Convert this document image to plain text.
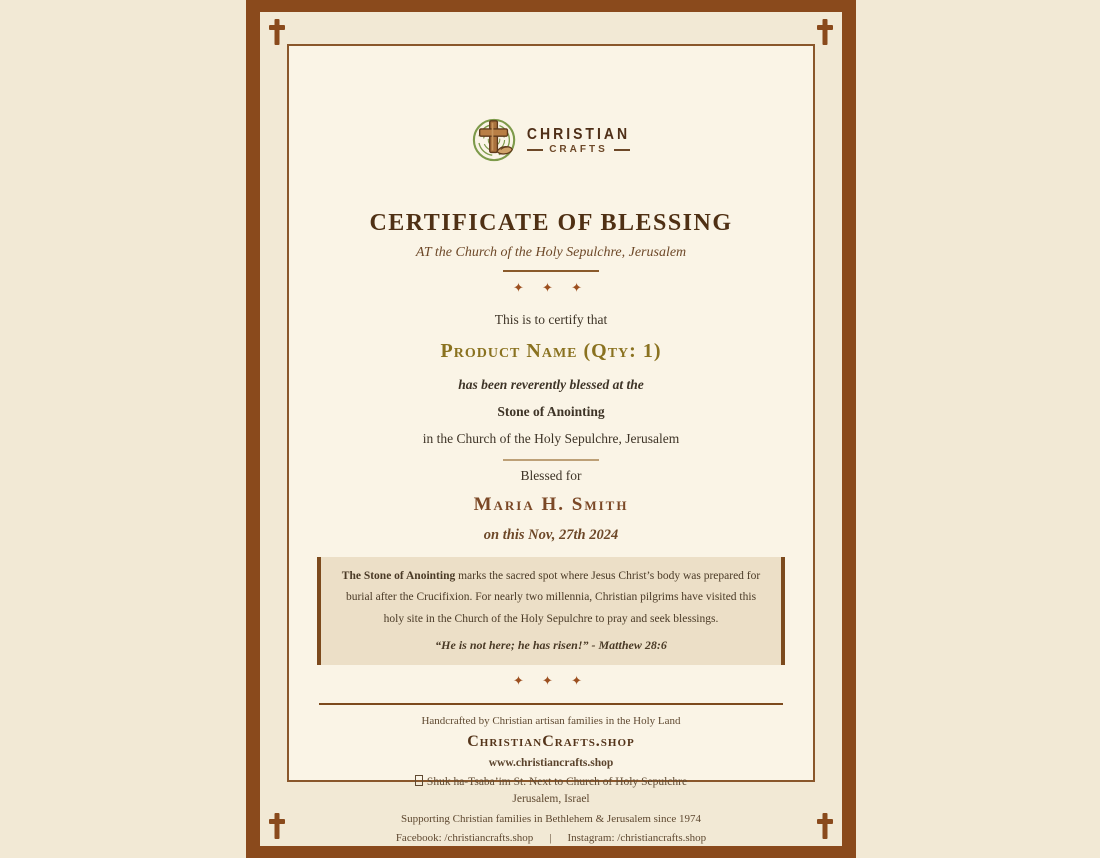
CHRISTIAN
CRAFTS
CERTIFICATE OF BLESSING
AT the Church of the Holy Sepulchre, Jerusalem
✦ ✦ ✦
This is to certify that
Product Name (Qty: 1)
has been reverently blessed at the
Stone of Anointing
in the Church of the Holy Sepulchre, Jerusalem
Blessed for
Maria H. Smith
on this Nov, 27th 2024

The Stone of Anointing marks the sacred spot where Jesus Christ’s body was prepared for burial after the Crucifixion. For nearly two millennia, Christian pilgrims have visited this holy site in the Church of the Holy Sepulchre to pray and seek blessings.

“He is not here; he has risen!” - Matthew 28:6

✦ ✦ ✦
Handcrafted by Christian artisan families in the Holy Land
ChristianCrafts.shop
www.christiancrafts.shop
Shuk ha-Tsaba’im St. Next to Church of Holy Sepulchre
Jerusalem, Israel
Supporting Christian families in Bethlehem & Jerusalem since 1974
Facebook: /christiancrafts.shop | Instagram: /christiancrafts.shop
